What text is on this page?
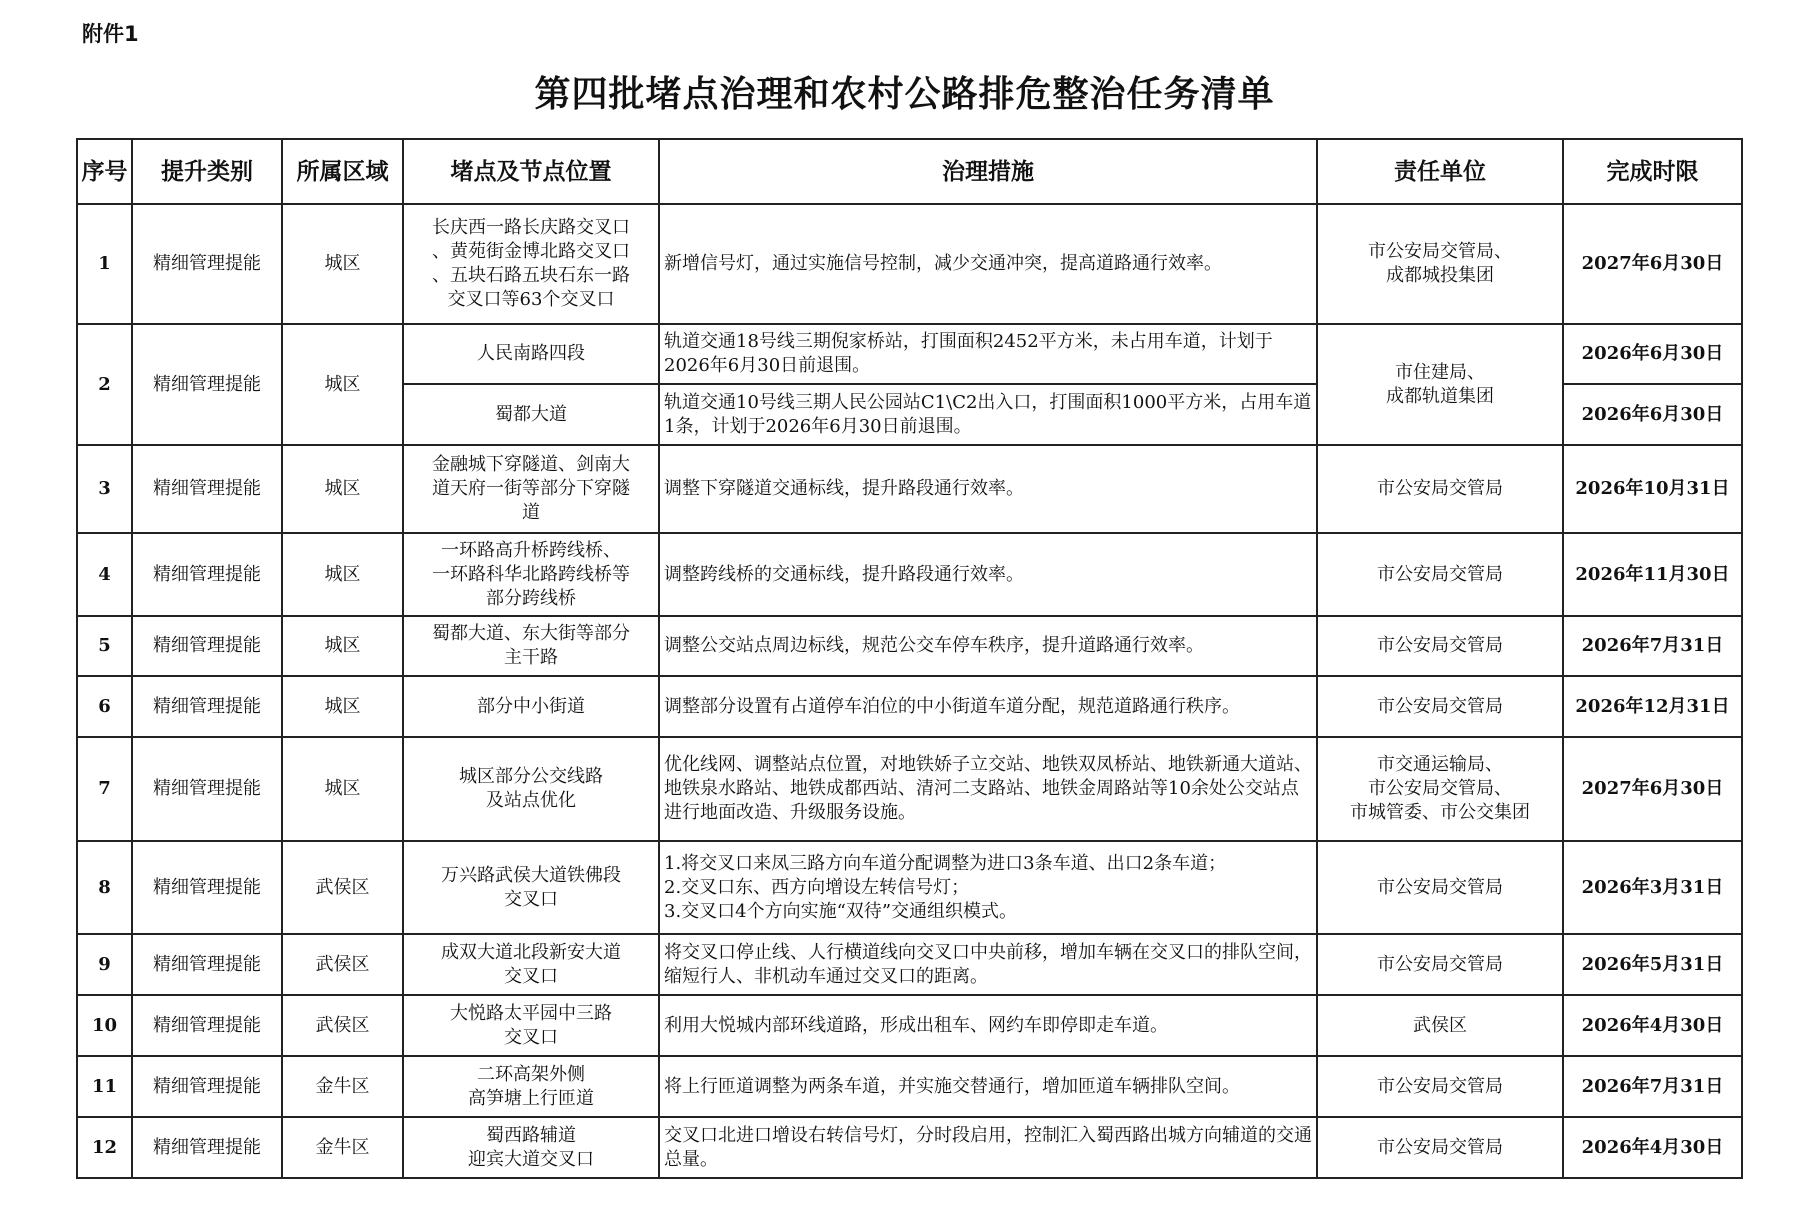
附件1
第四批堵点治理和农村公路排危整治任务清单
序号	提升类别	所属区域	堵点及节点位置	治理措施	责任单位	完成时限
1	精细管理提能	城区	长庆西一路长庆路交叉口
、黄苑街金博北路交叉口
、五块石路五块石东一路
交叉口等63个交叉口	新增信号灯，通过实施信号控制，减少交通冲突，提高道路通行效率。	市公安局交管局、
成都城投集团	2027年6月30日
2	精细管理提能	城区	人民南路四段	轨道交通18号线三期倪家桥站，打围面积2452平方米，未占用车道，计划于2026年6月30日前退围。	市住建局、
成都轨道集团	2026年6月30日
			蜀都大道	轨道交通10号线三期人民公园站C1\C2出入口，打围面积1000平方米，占用车道1条，计划于2026年6月30日前退围。		2026年6月30日
3	精细管理提能	城区	金融城下穿隧道、剑南大
道天府一街等部分下穿隧
道	调整下穿隧道交通标线，提升路段通行效率。	市公安局交管局	2026年10月31日
4	精细管理提能	城区	一环路高升桥跨线桥、
一环路科华北路跨线桥等
部分跨线桥	调整跨线桥的交通标线，提升路段通行效率。	市公安局交管局	2026年11月30日
5	精细管理提能	城区	蜀都大道、东大街等部分
主干路	调整公交站点周边标线，规范公交车停车秩序，提升道路通行效率。	市公安局交管局	2026年7月31日
6	精细管理提能	城区	部分中小街道	调整部分设置有占道停车泊位的中小街道车道分配，规范道路通行秩序。	市公安局交管局	2026年12月31日
7	精细管理提能	城区	城区部分公交线路
及站点优化	优化线网、调整站点位置，对地铁娇子立交站、地铁双凤桥站、地铁新通大道站、地铁泉水路站、地铁成都西站、清河二支路站、地铁金周路站等10余处公交站点进行地面改造、升级服务设施。	市交通运输局、
市公安局交管局、
市城管委、市公交集团	2027年6月30日
8	精细管理提能	武侯区	万兴路武侯大道铁佛段
交叉口	1.将交叉口来凤三路方向车道分配调整为进口3条车道、出口2条车道；
2.交叉口东、西方向增设左转信号灯；
3.交叉口4个方向实施“双待”交通组织模式。	市公安局交管局	2026年3月31日
9	精细管理提能	武侯区	成双大道北段新安大道
交叉口	将交叉口停止线、人行横道线向交叉口中央前移，增加车辆在交叉口的排队空间，缩短行人、非机动车通过交叉口的距离。	市公安局交管局	2026年5月31日
10	精细管理提能	武侯区	大悦路太平园中三路
交叉口	利用大悦城内部环线道路，形成出租车、网约车即停即走车道。	武侯区	2026年4月30日
11	精细管理提能	金牛区	二环高架外侧
高笋塘上行匝道	将上行匝道调整为两条车道，并实施交替通行，增加匝道车辆排队空间。	市公安局交管局	2026年7月31日
12	精细管理提能	金牛区	蜀西路辅道
迎宾大道交叉口	交叉口北进口增设右转信号灯，分时段启用，控制汇入蜀西路出城方向辅道的交通总量。	市公安局交管局	2026年4月30日
